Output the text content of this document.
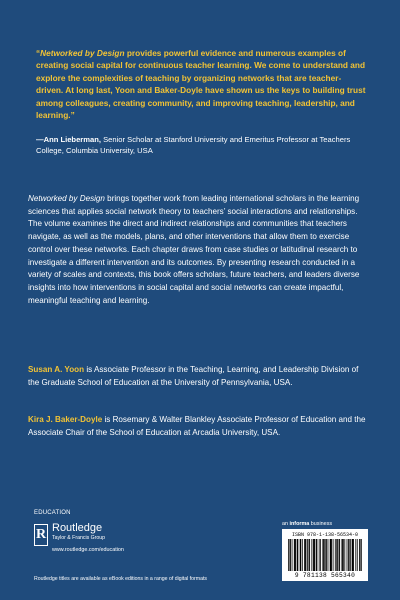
“Networked by Design provides powerful evidence and numerous examples of creating social capital for continuous teacher learning. We come to understand and explore the complexities of teaching by organizing networks that are teacher-driven. At long last, Yoon and Baker-Doyle have shown us the keys to building trust among colleagues, creating community, and improving teaching, leadership, and learning.”
—Ann Lieberman, Senior Scholar at Stanford University and Emeritus Professor at Teachers College, Columbia University, USA
Networked by Design brings together work from leading international scholars in the learning sciences that applies social network theory to teachers’ social interactions and relationships. The volume examines the direct and indirect relationships and communities that teachers navigate, as well as the models, plans, and other interventions that allow them to exercise control over these networks. Each chapter draws from case studies or latitudinal research to investigate a different intervention and its outcomes. By presenting research conducted in a variety of scales and contexts, this book offers scholars, future teachers, and leaders diverse insights into how interventions in social capital and social networks can create impactful, meaningful teaching and learning.
Susan A. Yoon is Associate Professor in the Teaching, Learning, and Leadership Division of the Graduate School of Education at the University of Pennsylvania, USA.
Kira J. Baker-Doyle is Rosemary & Walter Blankley Associate Professor of Education and the Associate Chair of the School of Education at Arcadia University, USA.
EDUCATION
R Routledge
Taylor & Francis Group
www.routledge.com/education
an informa business
ISBN 978-1-138-56534-0
9 781138 565340
Routledge titles are available as eBook editions in a range of digital formats
